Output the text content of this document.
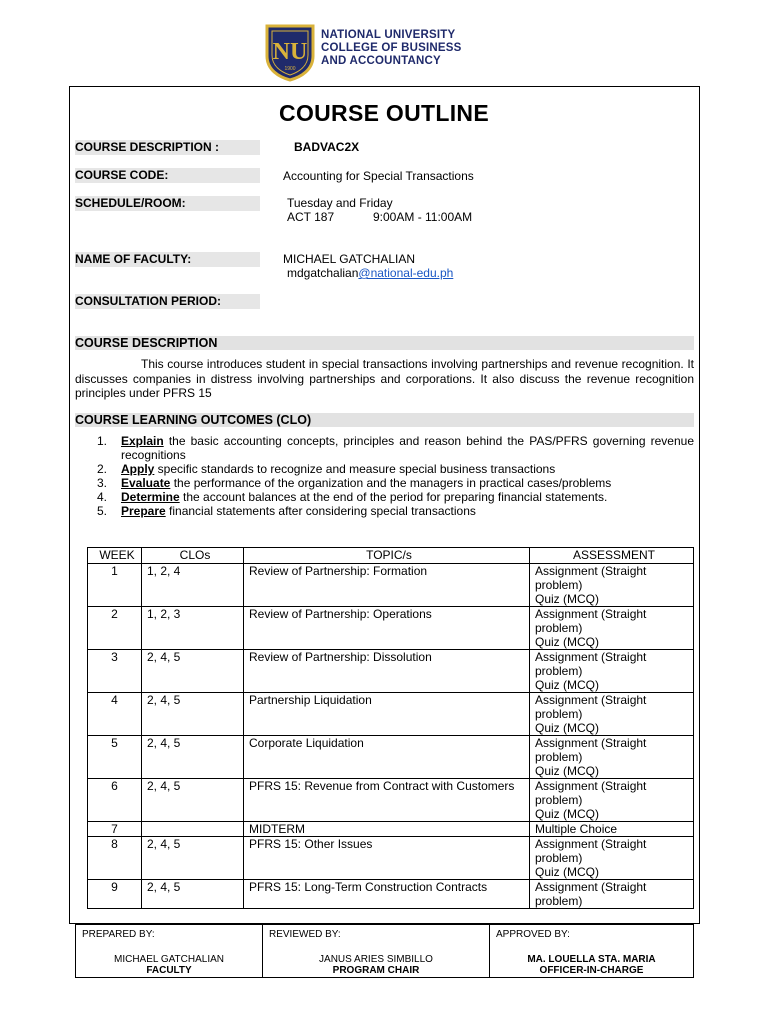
NU
1900
NATIONAL UNIVERSITY
COLLEGE OF BUSINESS
AND ACCOUNTANCY
COURSE OUTLINE
COURSE DESCRIPTION :	BADVAC2X
COURSE CODE:	Accounting for Special Transactions
SCHEDULE/ROOM:	Tuesday and Friday
ACT 187	9:00AM - 11:00AM
NAME OF FACULTY:	MICHAEL GATCHALIAN
mdgatchalian@national-edu.ph
CONSULTATION PERIOD:
COURSE DESCRIPTION
This course introduces student in special transactions involving partnerships and revenue recognition. It discusses companies in distress involving partnerships and corporations. It also discuss the revenue recognition principles under PFRS 15
COURSE LEARNING OUTCOMES (CLO)
1. Explain the basic accounting concepts, principles and reason behind the PAS/PFRS governing revenue recognitions
2. Apply specific standards to recognize and measure special business transactions
3. Evaluate the performance of the organization and the managers in practical cases/problems
4. Determine the account balances at the end of the period for preparing financial statements.
5. Prepare financial statements after considering special transactions
WEEK	CLOs	TOPIC/s	ASSESSMENT
1	1, 2, 4	Review of Partnership: Formation	Assignment (Straight
problem)
Quiz (MCQ)

2	1, 2, 3	Review of Partnership: Operations	Assignment (Straight
problem)
Quiz (MCQ)

3	2, 4, 5	Review of Partnership: Dissolution	Assignment (Straight
problem)
Quiz (MCQ)

4	2, 4, 5	Partnership Liquidation	Assignment (Straight
problem)
Quiz (MCQ)

5	2, 4, 5	Corporate Liquidation	Assignment (Straight
problem)
Quiz (MCQ)

6	2, 4, 5	PFRS 15: Revenue from Contract with Customers	Assignment (Straight
problem)
Quiz (MCQ)

7		MIDTERM	Multiple Choice
8	2, 4, 5	PFRS 15: Other Issues	Assignment (Straight
problem)
Quiz (MCQ)

9	2, 4, 5	PFRS 15: Long-Term Construction Contracts	Assignment (Straight
problem)
PREPARED BY:
MICHAEL GATCHALIAN
FACULTY

REVIEWED BY:
JANUS ARIES SIMBILLO
PROGRAM CHAIR

APPROVED BY:
MA. LOUELLA STA. MARIA
OFFICER-IN-CHARGE
